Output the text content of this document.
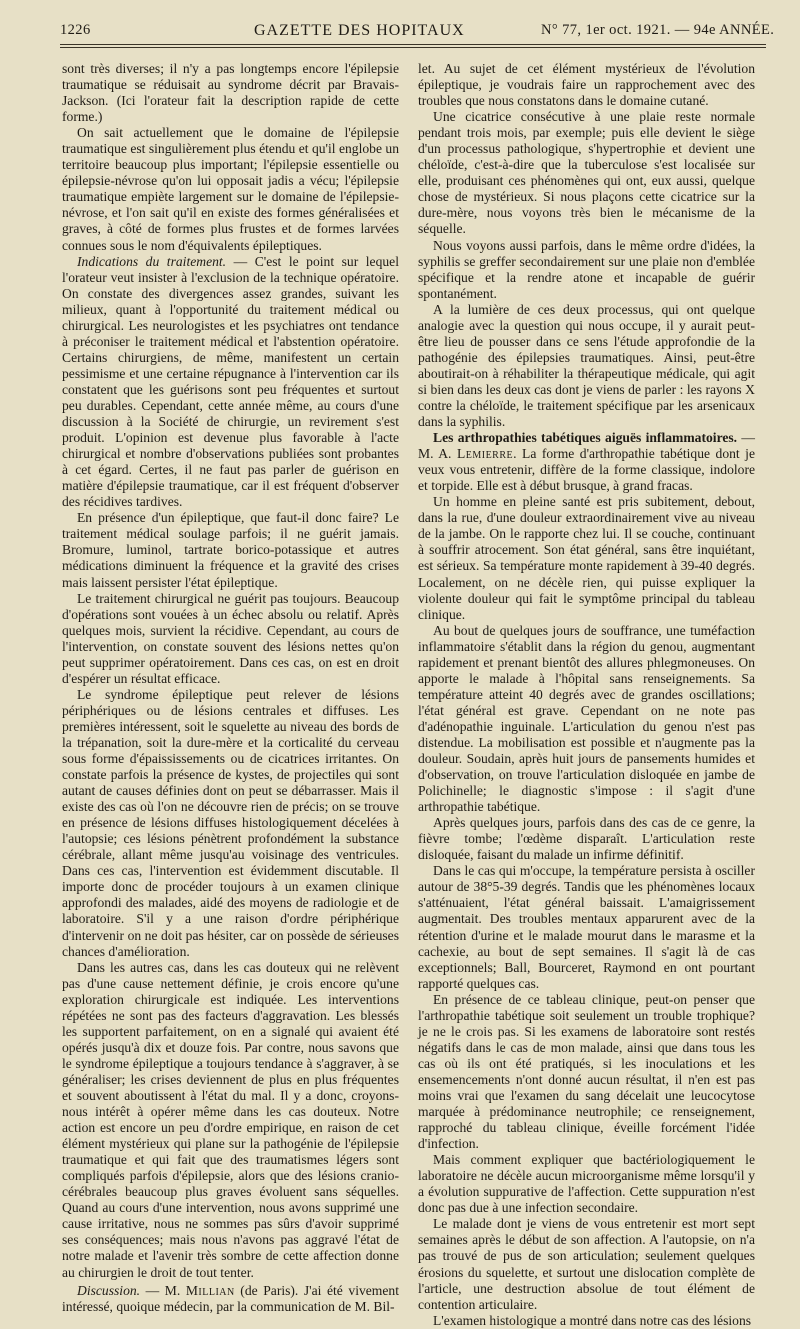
1226	GAZETTE DES HOPITAUX	N° 77, 1er oct. 1921. — 94e ANNÉE.

sont très diverses; il n'y a pas longtemps encore l'épilepsie traumatique se réduisait au syndrome décrit par Bravais-Jackson. (Ici l'orateur fait la description rapide de cette forme.)

On sait actuellement que le domaine de l'épilepsie traumatique est singulièrement plus étendu et qu'il englobe un territoire beaucoup plus important; l'épilepsie essentielle ou épilepsie-névrose qu'on lui opposait jadis a vécu; l'épilepsie traumatique empiète largement sur le domaine de l'épilepsie-névrose, et l'on sait qu'il en existe des formes généralisées et graves, à côté de formes plus frustes et de formes larvées connues sous le nom d'équivalents épileptiques.

Indications du traitement. — C'est le point sur lequel l'orateur veut insister à l'exclusion de la technique opératoire. On constate des divergences assez grandes, suivant les milieux, quant à l'opportunité du traitement médical ou chirurgical. Les neurologistes et les psychiatres ont tendance à préconiser le traitement médical et l'abstention opératoire. Certains chirurgiens, de même, manifestent un certain pessimisme et une certaine répugnance à l'intervention car ils constatent que les guérisons sont peu fréquentes et surtout peu durables. Cependant, cette année même, au cours d'une discussion à la Société de chirurgie, un revirement s'est produit. L'opinion est devenue plus favorable à l'acte chirurgical et nombre d'observations publiées sont probantes à cet égard. Certes, il ne faut pas parler de guérison en matière d'épilepsie traumatique, car il est fréquent d'observer des récidives tardives.

En présence d'un épileptique, que faut-il donc faire? Le traitement médical soulage parfois; il ne guérit jamais. Bromure, luminol, tartrate borico-potassique et autres médications diminuent la fréquence et la gravité des crises mais laissent persister l'état épileptique.

Le traitement chirurgical ne guérit pas toujours. Beaucoup d'opérations sont vouées à un échec absolu ou relatif. Après quelques mois, survient la récidive. Cependant, au cours de l'intervention, on constate souvent des lésions nettes qu'on peut supprimer opératoirement. Dans ces cas, on est en droit d'espérer un résultat efficace.

Le syndrome épileptique peut relever de lésions périphériques ou de lésions centrales et diffuses. Les premières intéressent, soit le squelette au niveau des bords de la trépanation, soit la dure-mère et la corticalité du cerveau sous forme d'épaississements ou de cicatrices irritantes. On constate parfois la présence de kystes, de projectiles qui sont autant de causes définies dont on peut se débarrasser. Mais il existe des cas où l'on ne découvre rien de précis; on se trouve en présence de lésions diffuses histologiquement décelées à l'autopsie; ces lésions pénètrent profondément la substance cérébrale, allant même jusqu'au voisinage des ventricules. Dans ces cas, l'intervention est évidemment discutable. Il importe donc de procéder toujours à un examen clinique approfondi des malades, aidé des moyens de radiologie et de laboratoire. S'il y a une raison d'ordre périphérique d'intervenir on ne doit pas hésiter, car on possède de sérieuses chances d'amélioration.

Dans les autres cas, dans les cas douteux qui ne relèvent pas d'une cause nettement définie, je crois encore qu'une exploration chirurgicale est indiquée. Les interventions répétées ne sont pas des facteurs d'aggravation. Les blessés les supportent parfaitement, on en a signalé qui avaient été opérés jusqu'à dix et douze fois. Par contre, nous savons que le syndrome épileptique a toujours tendance à s'aggraver, à se généraliser; les crises deviennent de plus en plus fréquentes et souvent aboutissent à l'état du mal. Il y a donc, croyons-nous intérêt à opérer même dans les cas douteux. Notre action est encore un peu d'ordre empirique, en raison de cet élément mystérieux qui plane sur la pathogénie de l'épilepsie traumatique et qui fait que des traumatismes légers sont compliqués parfois d'épilepsie, alors que des lésions cranio-cérébrales beaucoup plus graves évoluent sans séquelles. Quand au cours d'une intervention, nous avons supprimé une cause irritative, nous ne sommes pas sûrs d'avoir supprimé ses conséquences; mais nous n'avons pas aggravé l'état de notre malade et l'avenir très sombre de cette affection donne au chirurgien le droit de tout tenter.

Discussion. — M. Millian (de Paris). J'ai été vivement intéressé, quoique médecin, par la communication de M. Bil-

let. Au sujet de cet élément mystérieux de l'évolution épileptique, je voudrais faire un rapprochement avec des troubles que nous constatons dans le domaine cutané.

Une cicatrice consécutive à une plaie reste normale pendant trois mois, par exemple; puis elle devient le siège d'un processus pathologique, s'hypertrophie et devient une chéloïde, c'est-à-dire que la tuberculose s'est localisée sur elle, produisant ces phénomènes qui ont, eux aussi, quelque chose de mystérieux. Si nous plaçons cette cicatrice sur la dure-mère, nous voyons très bien le mécanisme de la séquelle.

Nous voyons aussi parfois, dans le même ordre d'idées, la syphilis se greffer secondairement sur une plaie non d'emblée spécifique et la rendre atone et incapable de guérir spontanément.

A la lumière de ces deux processus, qui ont quelque analogie avec la question qui nous occupe, il y aurait peut-être lieu de pousser dans ce sens l'étude approfondie de la pathogénie des épilepsies traumatiques. Ainsi, peut-être aboutirait-on à réhabiliter la thérapeutique médicale, qui agit si bien dans les deux cas dont je viens de parler : les rayons X contre la chéloïde, le traitement spécifique par les arsenicaux dans la syphilis.

Les arthropathies tabétiques aiguës inflammatoires. — M. A. Lemierre. La forme d'arthropathie tabétique dont je veux vous entretenir, diffère de la forme classique, indolore et torpide. Elle est à début brusque, à grand fracas.

Un homme en pleine santé est pris subitement, debout, dans la rue, d'une douleur extraordinairement vive au niveau de la jambe. On le rapporte chez lui. Il se couche, continuant à souffrir atrocement. Son état général, sans être inquiétant, est sérieux. Sa température monte rapidement à 39-40 degrés. Localement, on ne décèle rien, qui puisse expliquer la violente douleur qui fait le symptôme principal du tableau clinique.

Au bout de quelques jours de souffrance, une tuméfaction inflammatoire s'établit dans la région du genou, augmentant rapidement et prenant bientôt des allures phlegmoneuses. On apporte le malade à l'hôpital sans renseignements. Sa température atteint 40 degrés avec de grandes oscillations; l'état général est grave. Cependant on ne note pas d'adénopathie inguinale. L'articulation du genou n'est pas distendue. La mobilisation est possible et n'augmente pas la douleur. Soudain, après huit jours de pansements humides et d'observation, on trouve l'articulation disloquée en jambe de Polichinelle; le diagnostic s'impose : il s'agit d'une arthropathie tabétique.

Après quelques jours, parfois dans des cas de ce genre, la fièvre tombe; l'œdème disparaît. L'articulation reste disloquée, faisant du malade un infirme définitif.

Dans le cas qui m'occupe, la température persista à osciller autour de 38°5-39 degrés. Tandis que les phénomènes locaux s'atténuaient, l'état général baissait. L'amaigrissement augmentait. Des troubles mentaux apparurent avec de la rétention d'urine et le malade mourut dans le marasme et la cachexie, au bout de sept semaines. Il s'agit là de cas exceptionnels; Ball, Bourceret, Raymond en ont pourtant rapporté quelques cas.

En présence de ce tableau clinique, peut-on penser que l'arthropathie tabétique soit seulement un trouble trophique? je ne le crois pas. Si les examens de laboratoire sont restés négatifs dans le cas de mon malade, ainsi que dans tous les cas où ils ont été pratiqués, si les inoculations et les ensemencements n'ont donné aucun résultat, il n'en est pas moins vrai que l'examen du sang décelait une leucocytose marquée à prédominance neutrophile; ce renseignement, rapproché du tableau clinique, éveille forcément l'idée d'infection.

Mais comment expliquer que bactériologiquement le laboratoire ne décèle aucun microorganisme même lorsqu'il y a évolution suppurative de l'affection. Cette suppuration n'est donc pas due à une infection secondaire.

Le malade dont je viens de vous entretenir est mort sept semaines après le début de son affection. A l'autopsie, on n'a pas trouvé de pus de son articulation; seulement quelques érosions du squelette, et surtout une dislocation complète de l'article, une destruction absolue de tout élément de contention articulaire.

L'examen histologique a montré dans notre cas des lésions
